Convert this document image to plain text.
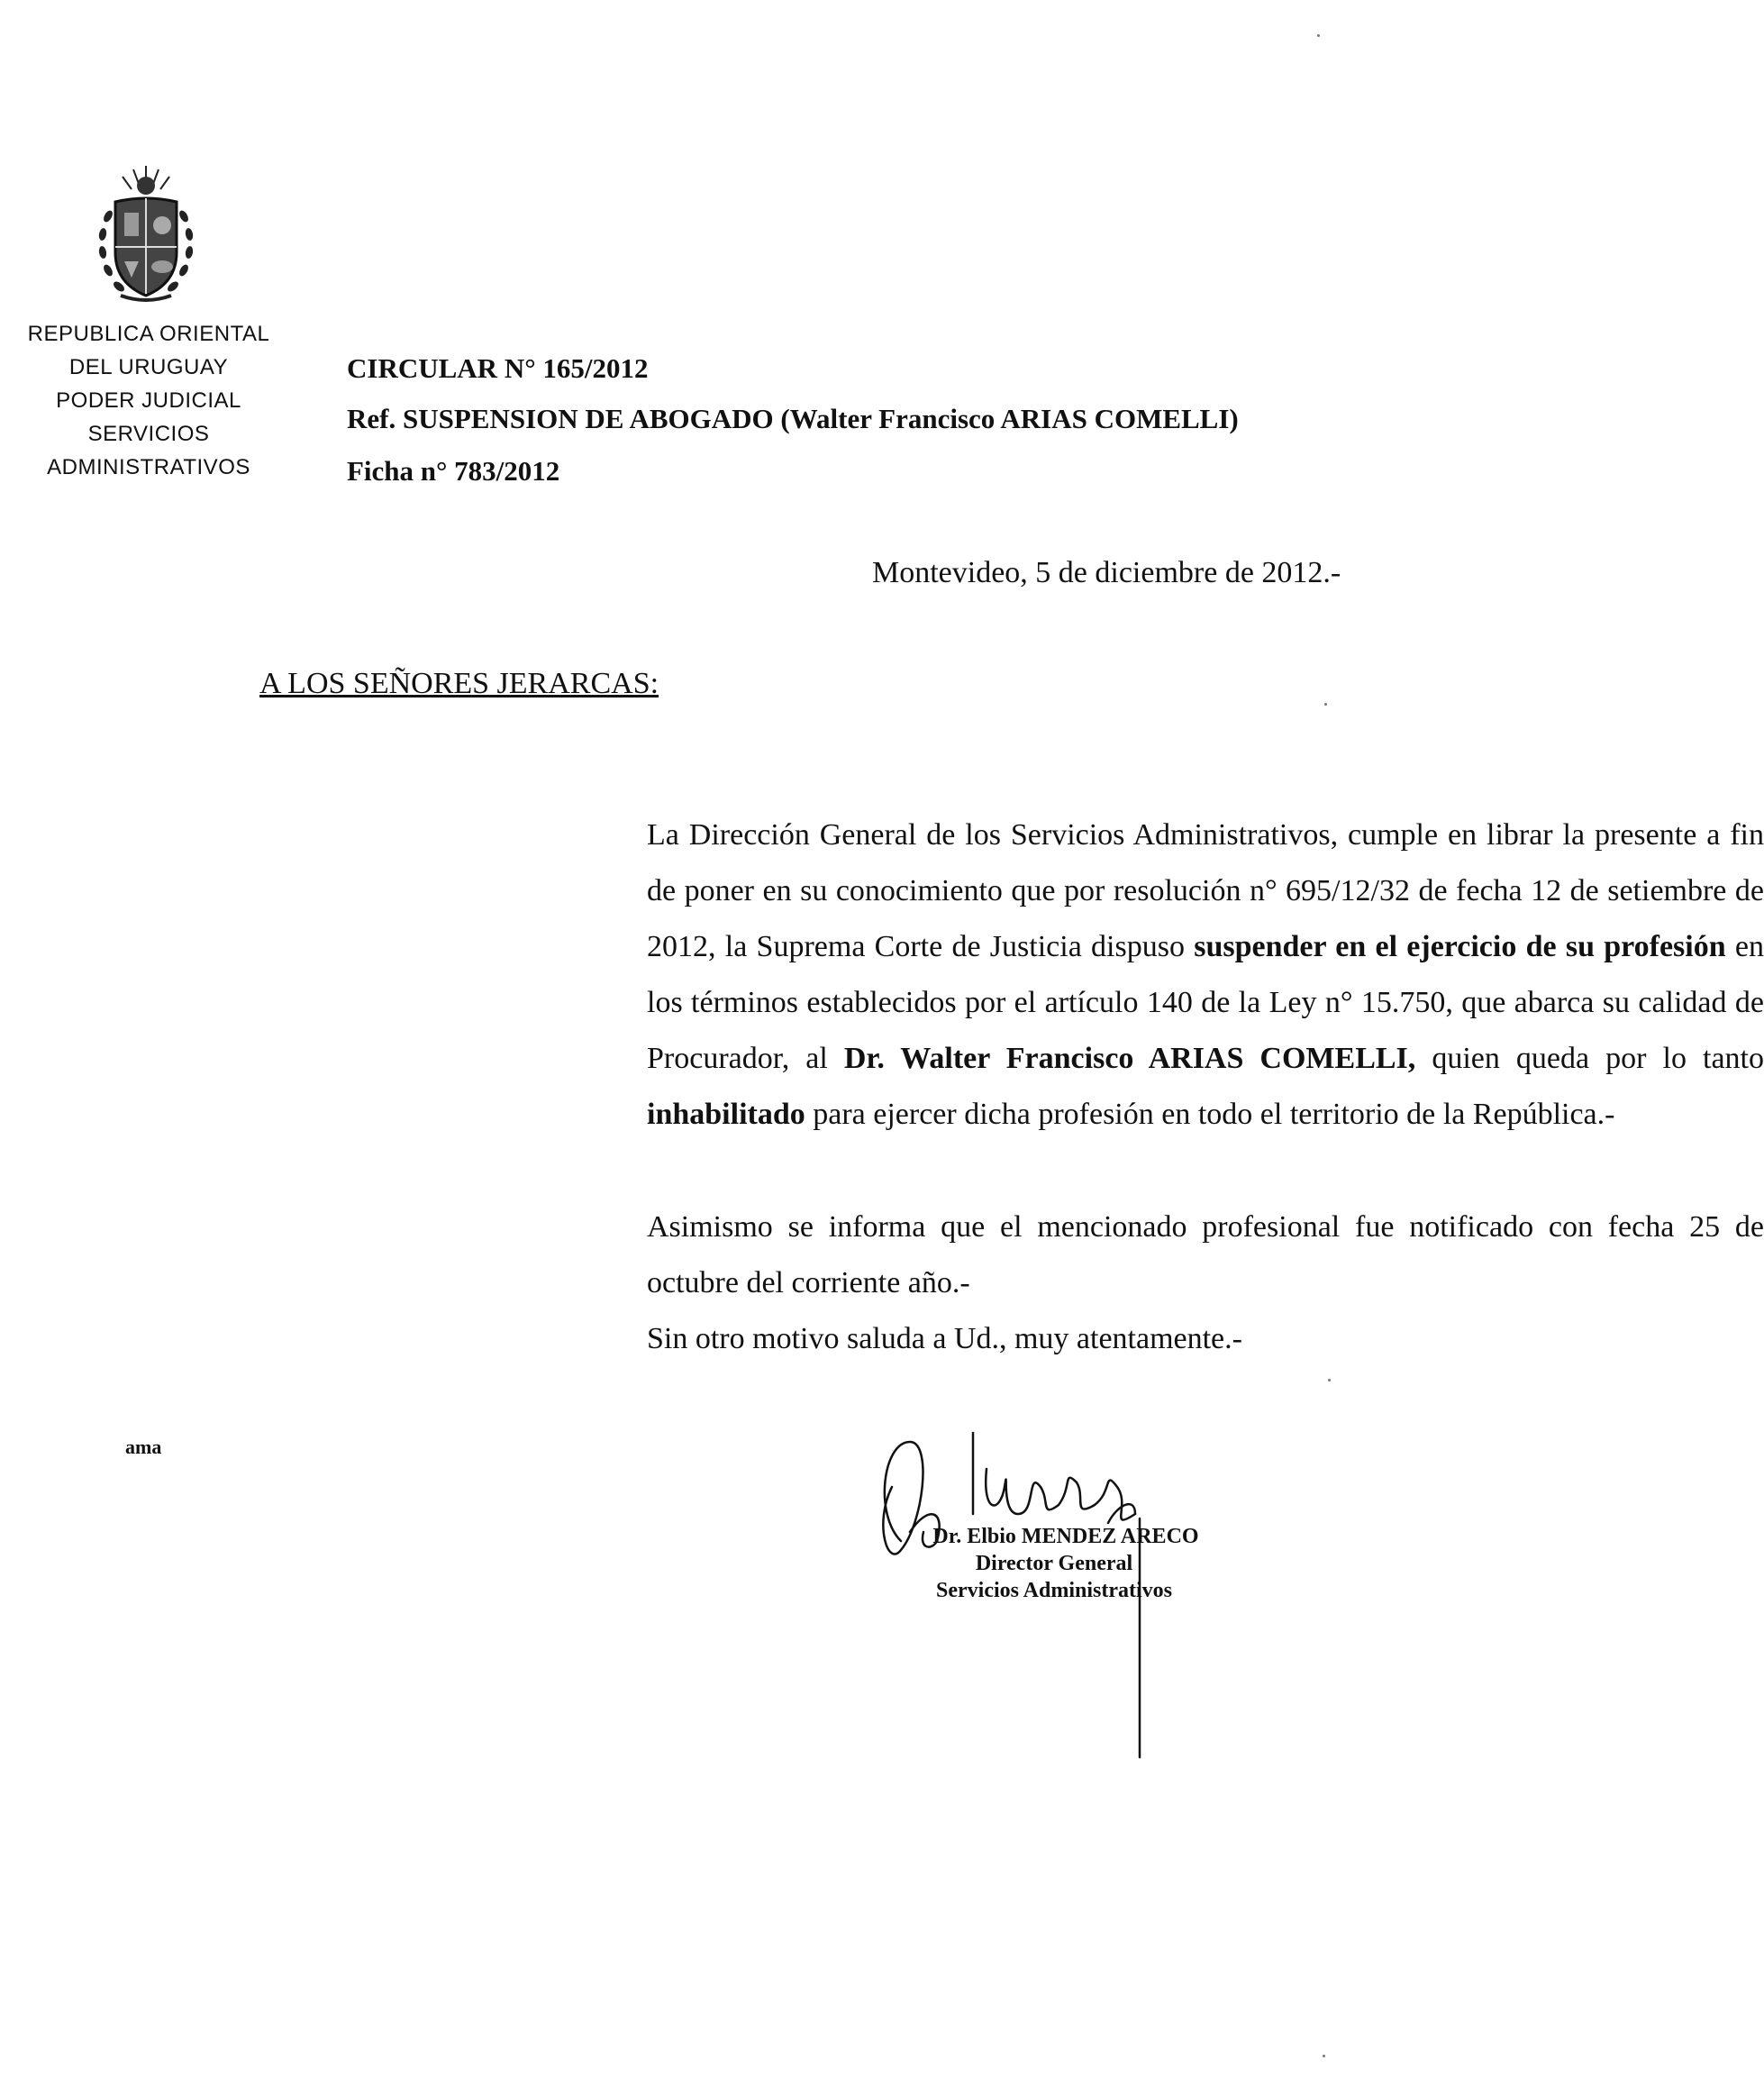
REPUBLICA ORIENTAL
DEL URUGUAY
PODER JUDICIAL
SERVICIOS
ADMINISTRATIVOS
CIRCULAR N° 165/2012
Ref. SUSPENSION DE ABOGADO (Walter Francisco ARIAS COMELLI)
Ficha n° 783/2012
Montevideo, 5 de diciembre de 2012.-
A LOS SEÑORES JERARCAS:
La Dirección General de los Servicios Administrativos, cumple en librar la presente a fin de poner en su conocimiento que por resolución n° 695/12/32 de fecha 12 de setiembre de 2012, la Suprema Corte de Justicia dispuso suspender en el ejercicio de su profesión en los términos establecidos por el artículo 140 de la Ley n° 15.750, que abarca su calidad de Procurador, al Dr. Walter Francisco ARIAS COMELLI, quien queda por lo tanto inhabilitado para ejercer dicha profesión en todo el territorio de la República.-
Asimismo se informa que el mencionado profesional fue notificado con fecha 25 de octubre del corriente año.-
Sin otro motivo saluda a Ud., muy atentamente.-
ama
Dr. Elbio MENDEZ ARECO
Director General
Servicios Administrativos
